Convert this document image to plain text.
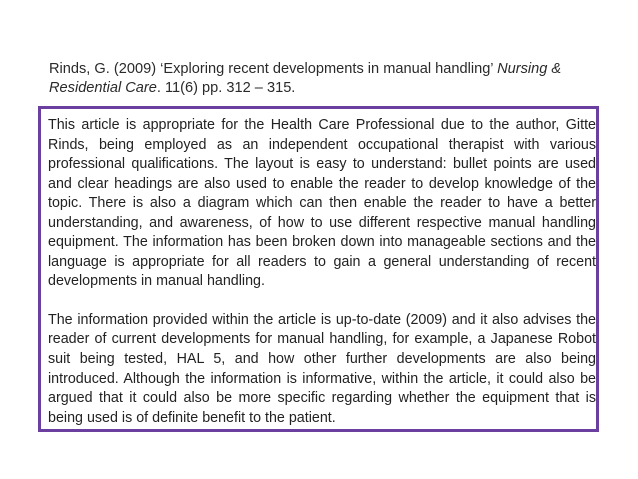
Rinds, G. (2009) ‘Exploring recent developments in manual handling’ Nursing & Residential Care. 11(6) pp. 312 – 315.

This article is appropriate for the Health Care Professional due to the author, Gitte Rinds, being employed as an independent occupational therapist with various professional qualifications. The layout is easy to understand: bullet points are used and clear headings are also used to enable the reader to develop knowledge of the topic. There is also a diagram which can then enable the reader to have a better understanding, and awareness, of how to use different respective manual handling equipment. The information has been broken down into manageable sections and the language is appropriate for all readers to gain a general understanding of recent developments in manual handling.

The information provided within the article is up-to-date (2009) and it also advises the reader of current developments for manual handling, for example, a Japanese Robot suit being tested, HAL 5, and how other further developments are also being introduced. Although the information is informative, within the article, it could also be argued that it could also be more specific regarding whether the equipment that is being used is of definite benefit to the patient.
